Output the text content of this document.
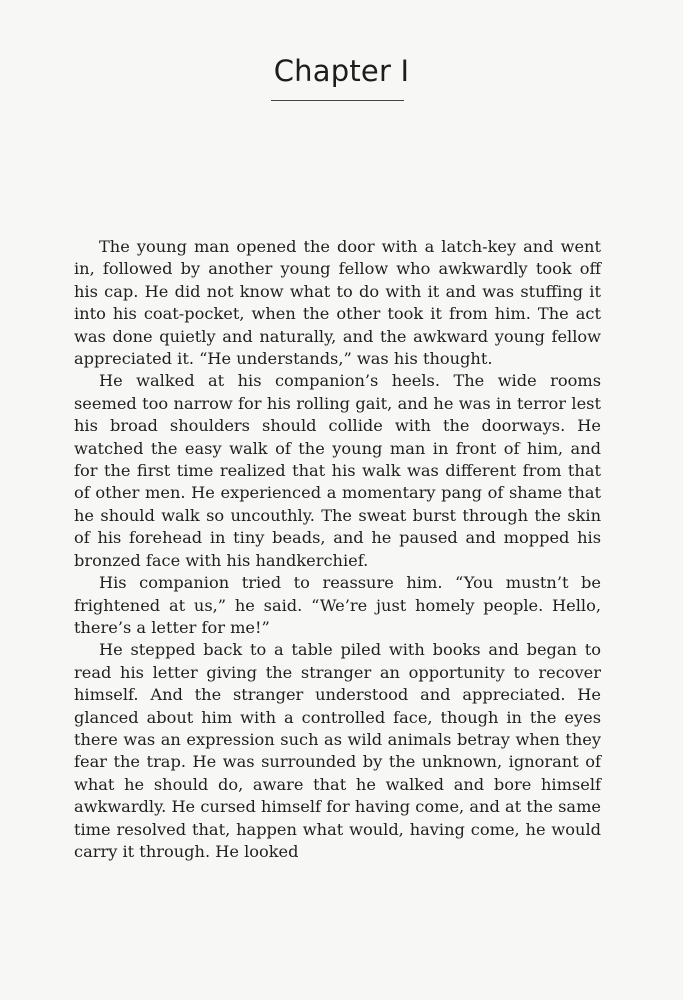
Chapter I

The young man opened the door with a latch-key and went in, followed by another young fellow who awkwardly took off his cap. He did not know what to do with it and was stuffing it into his coat-pocket, when the other took it from him. The act was done quietly and naturally, and the awkward young fellow appreciated it. “He understands,” was his thought.

He walked at his companion’s heels. The wide rooms seemed too narrow for his rolling gait, and he was in terror lest his broad shoulders should collide with the doorways. He watched the easy walk of the young man in front of him, and for the first time realized that his walk was different from that of other men. He experienced a momentary pang of shame that he should walk so uncouthly. The sweat burst through the skin of his forehead in tiny beads, and he paused and mopped his bronzed face with his handkerchief.

His companion tried to reassure him. “You mustn’t be frightened at us,” he said. “We’re just homely people. Hello, there’s a letter for me!”

He stepped back to a table piled with books and began to read his letter giving the stranger an opportunity to recover himself. And the stranger understood and appreciated. He glanced about him with a controlled face, though in the eyes there was an expression such as wild animals betray when they fear the trap. He was surrounded by the unknown, ignorant of what he should do, aware that he walked and bore himself awkwardly. He cursed himself for having come, and at the same time resolved that, happen what would, having come, he would carry it through. He looked
